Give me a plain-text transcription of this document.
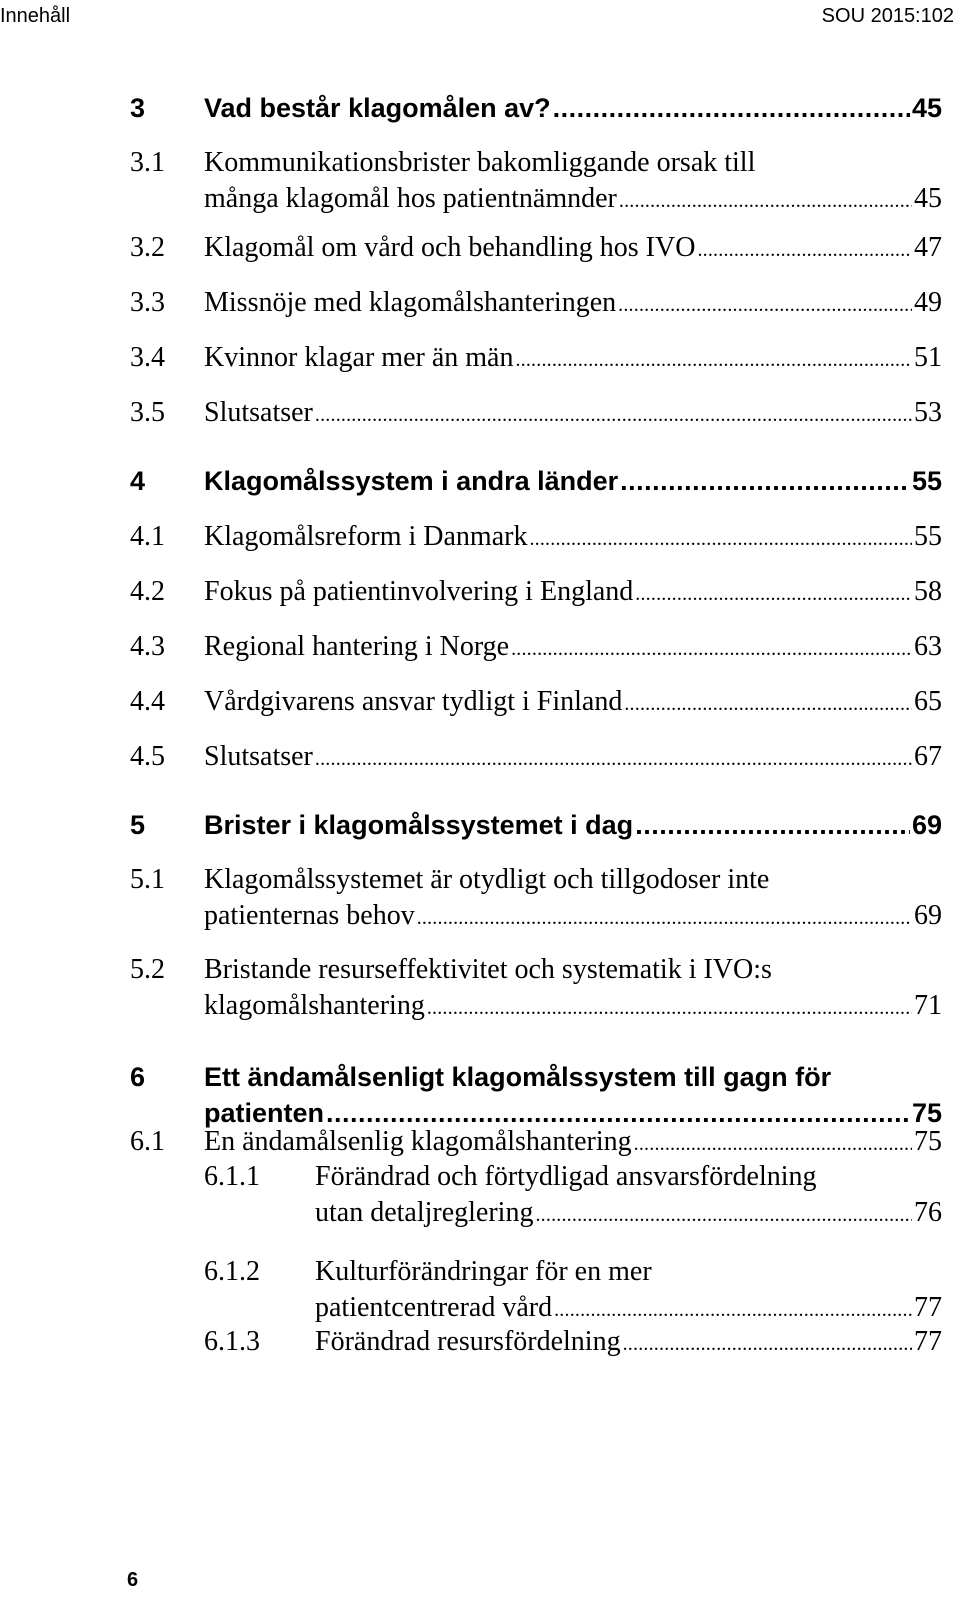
Innehåll	SOU 2015:102
3 Vad består klagomålen av? .....	45
3.1 Kommunikationsbrister bakomliggande orsak till
många klagomål hos patientnämnder .....	45
3.2 Klagomål om vård och behandling hos IVO .....	47
3.3 Missnöje med klagomålshanteringen .....	49
3.4 Kvinnor klagar mer än män .....	51
3.5 Slutsatser .....	53
4 Klagomålssystem i andra länder .....	55
4.1 Klagomålsreform i Danmark .....	55
4.2 Fokus på patientinvolvering i England .....	58
4.3 Regional hantering i Norge .....	63
4.4 Vårdgivarens ansvar tydligt i Finland .....	65
4.5 Slutsatser .....	67
5 Brister i klagomålssystemet i dag .....	69
5.1 Klagomålssystemet är otydligt och tillgodoser inte
patienternas behov .....	69
5.2 Bristande resurseffektivitet och systematik i IVO:s
klagomålshantering .....	71
6 Ett ändamålsenligt klagomålssystem till gagn för
patienten .....	75
6.1 En ändamålsenlig klagomålshantering .....	75
6.1.1 Förändrad och förtydligad ansvarsfördelning
utan detaljreglering .....	76
6.1.2 Kulturförändringar för en mer
patientcentrerad vård .....	77
6.1.3 Förändrad resursfördelning .....	77
6
